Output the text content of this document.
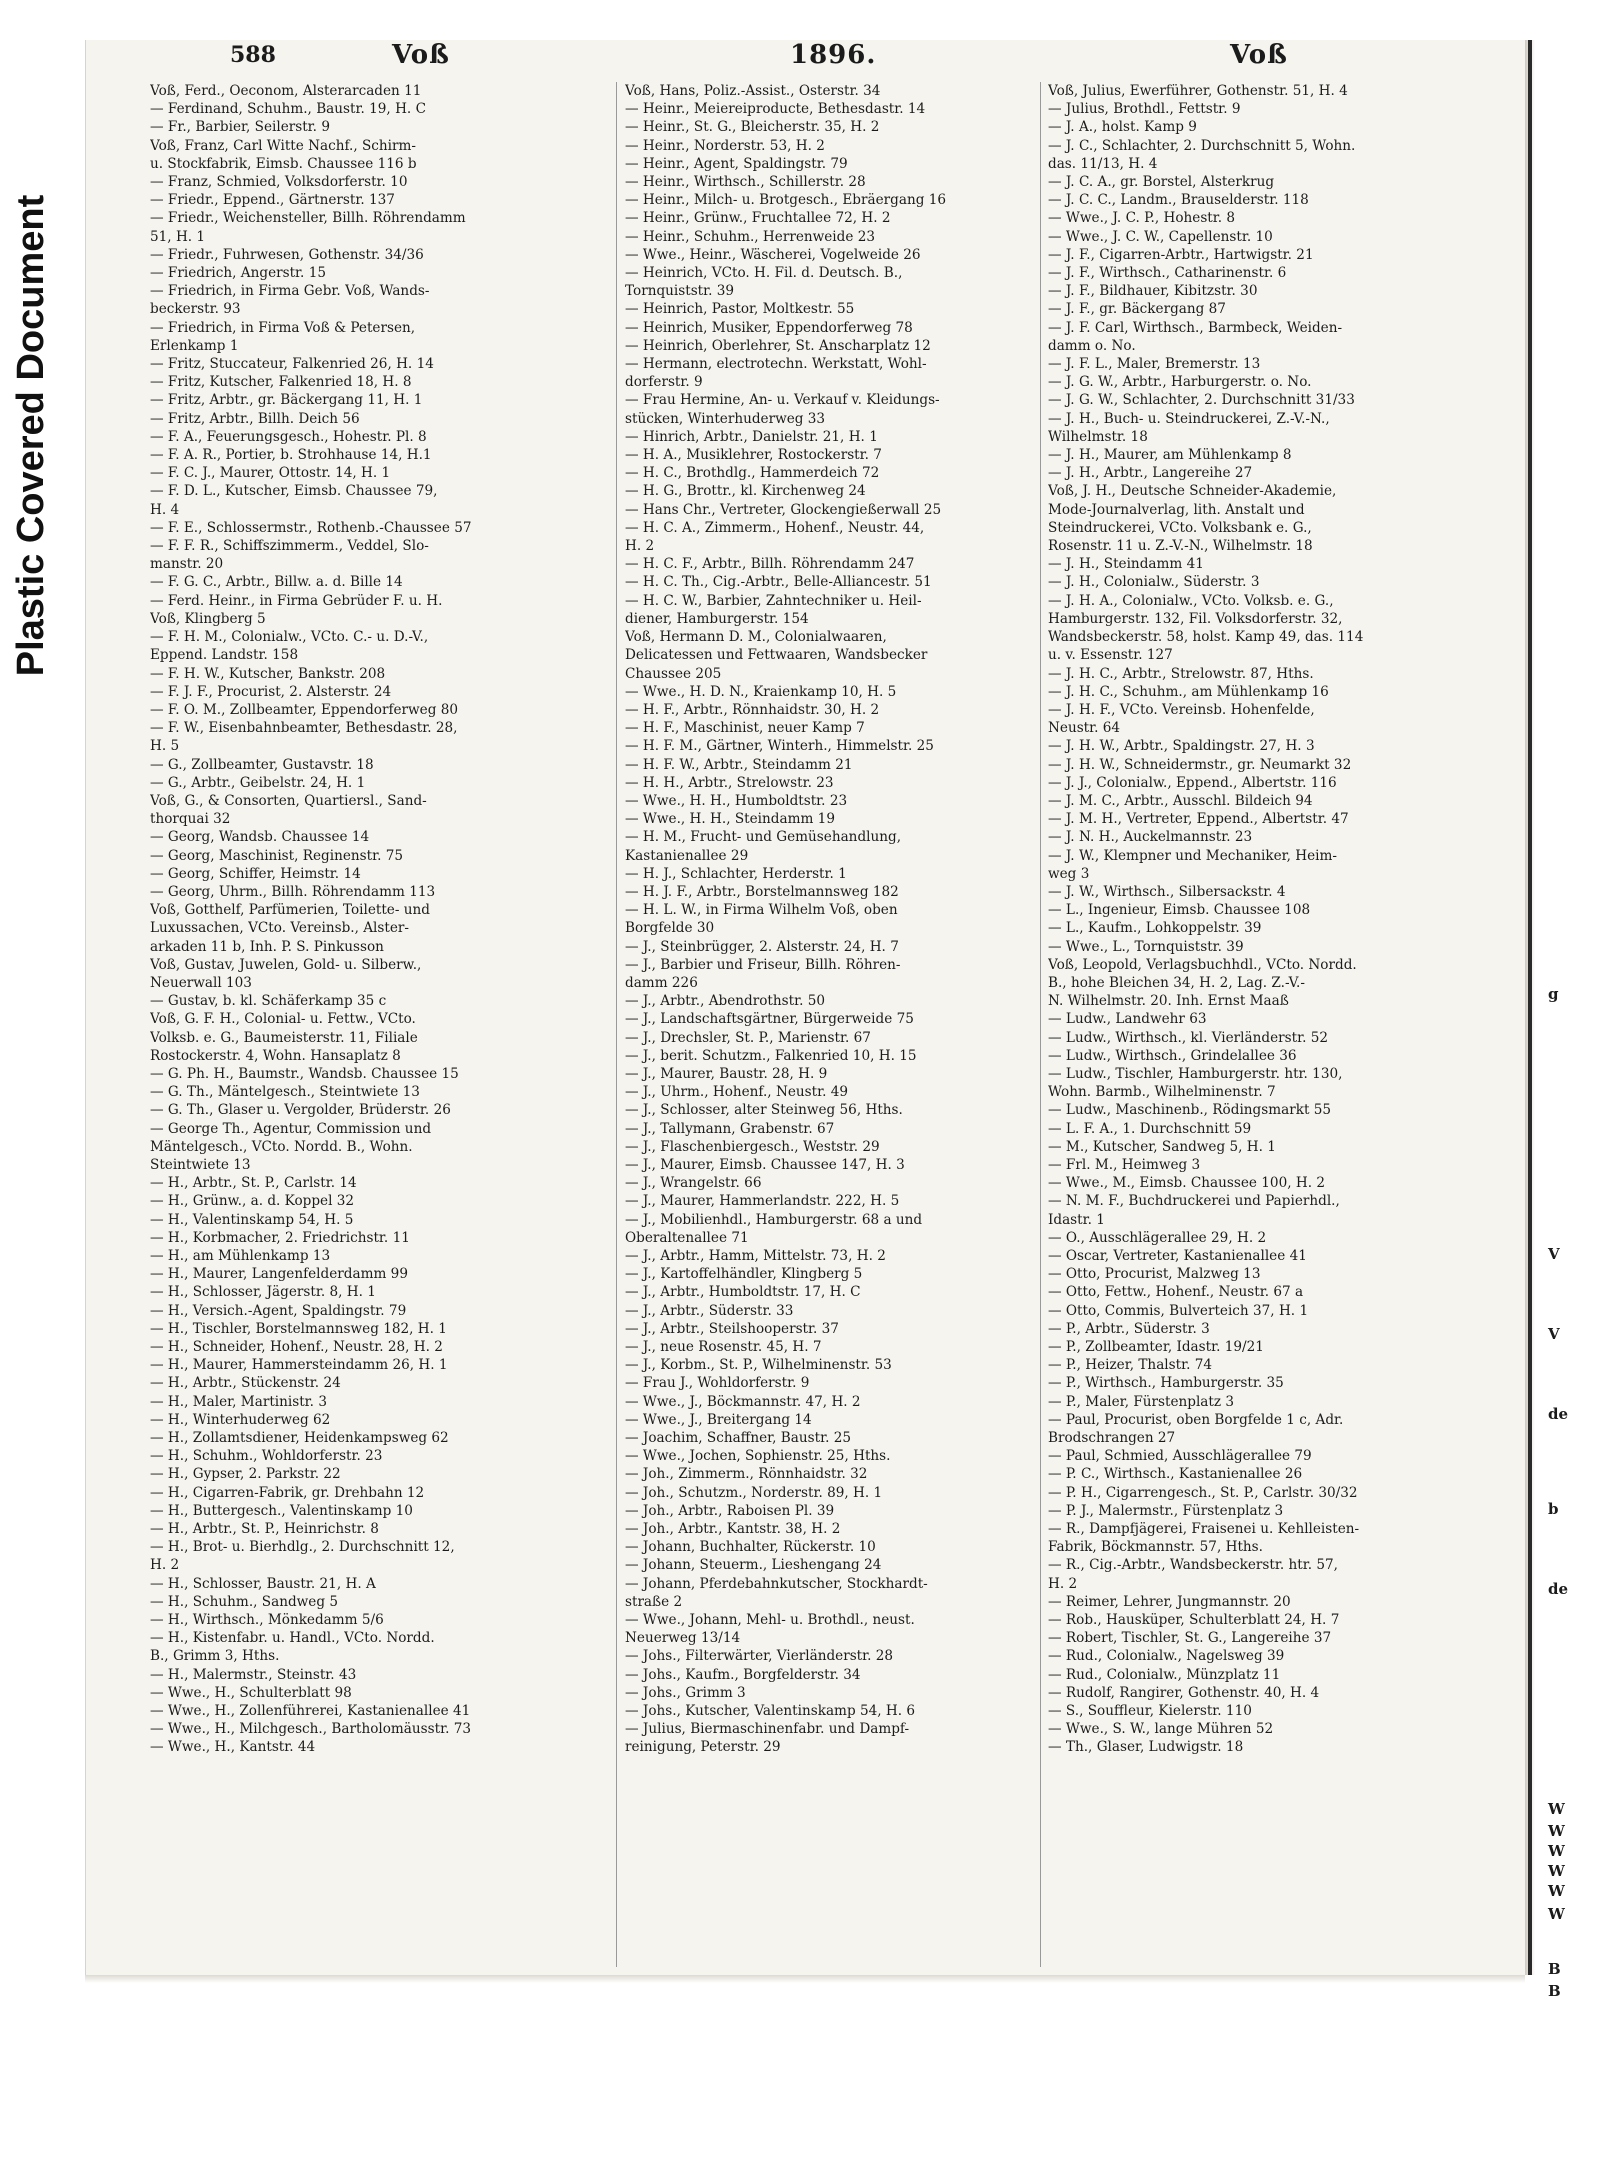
Plastic Covered Document
588	Voß	1896.	Voß

Voß, Ferd., Oeconom, Alsterarcaden 11

— Ferdinand, Schuhm., Baustr. 19, H. C

— Fr., Barbier, Seilerstr. 9

Voß, Franz, Carl Witte Nachf., Schirm-

u. Stockfabrik, Eimsb. Chaussee 116 b

— Franz, Schmied, Volksdorferstr. 10

— Friedr., Eppend., Gärtnerstr. 137

— Friedr., Weichensteller, Billh. Röhrendamm

51, H. 1

— Friedr., Fuhrwesen, Gothenstr. 34/36

— Friedrich, Angerstr. 15

— Friedrich, in Firma Gebr. Voß, Wands-

beckerstr. 93

— Friedrich, in Firma Voß & Petersen,

Erlenkamp 1

— Fritz, Stuccateur, Falkenried 26, H. 14

— Fritz, Kutscher, Falkenried 18, H. 8

— Fritz, Arbtr., gr. Bäckergang 11, H. 1

— Fritz, Arbtr., Billh. Deich 56

— F. A., Feuerungsgesch., Hohestr. Pl. 8

— F. A. R., Portier, b. Strohhause 14, H.1

— F. C. J., Maurer, Ottostr. 14, H. 1

— F. D. L., Kutscher, Eimsb. Chaussee 79,

H. 4

— F. E., Schlossermstr., Rothenb.-Chaussee 57

— F. F. R., Schiffszimmerm., Veddel, Slo-

manstr. 20

— F. G. C., Arbtr., Billw. a. d. Bille 14

— Ferd. Heinr., in Firma Gebrüder F. u. H.

Voß, Klingberg 5

— F. H. M., Colonialw., VCto. C.- u. D.-V.,

Eppend. Landstr. 158

— F. H. W., Kutscher, Bankstr. 208

— F. J. F., Procurist, 2. Alsterstr. 24

— F. O. M., Zollbeamter, Eppendorferweg 80

— F. W., Eisenbahnbeamter, Bethesdastr. 28,

H. 5

— G., Zollbeamter, Gustavstr. 18

— G., Arbtr., Geibelstr. 24, H. 1

Voß, G., & Consorten, Quartiersl., Sand-

thorquai 32

— Georg, Wandsb. Chaussee 14

— Georg, Maschinist, Reginenstr. 75

— Georg, Schiffer, Heimstr. 14

— Georg, Uhrm., Billh. Röhrendamm 113

Voß, Gotthelf, Parfümerien, Toilette- und

Luxussachen, VCto. Vereinsb., Alster-

arkaden 11 b, Inh. P. S. Pinkusson

Voß, Gustav, Juwelen, Gold- u. Silberw.,

Neuerwall 103

— Gustav, b. kl. Schäferkamp 35 c

Voß, G. F. H., Colonial- u. Fettw., VCto.

Volksb. e. G., Baumeisterstr. 11, Filiale

Rostockerstr. 4, Wohn. Hansaplatz 8

— G. Ph. H., Baumstr., Wandsb. Chaussee 15

— G. Th., Mäntelgesch., Steintwiete 13

— G. Th., Glaser u. Vergolder, Brüderstr. 26

— George Th., Agentur, Commission und

Mäntelgesch., VCto. Nordd. B., Wohn.

Steintwiete 13

— H., Arbtr., St. P., Carlstr. 14

— H., Grünw., a. d. Koppel 32

— H., Valentinskamp 54, H. 5

— H., Korbmacher, 2. Friedrichstr. 11

— H., am Mühlenkamp 13

— H., Maurer, Langenfelderdamm 99

— H., Schlosser, Jägerstr. 8, H. 1

— H., Versich.-Agent, Spaldingstr. 79

— H., Tischler, Borstelmannsweg 182, H. 1

— H., Schneider, Hohenf., Neustr. 28, H. 2

— H., Maurer, Hammersteindamm 26, H. 1

— H., Arbtr., Stückenstr. 24

— H., Maler, Martinistr. 3

— H., Winterhuderweg 62

— H., Zollamtsdiener, Heidenkampsweg 62

— H., Schuhm., Wohldorferstr. 23

— H., Gypser, 2. Parkstr. 22

— H., Cigarren-Fabrik, gr. Drehbahn 12

— H., Buttergesch., Valentinskamp 10

— H., Arbtr., St. P., Heinrichstr. 8

— H., Brot- u. Bierhdlg., 2. Durchschnitt 12,

H. 2

— H., Schlosser, Baustr. 21, H. A

— H., Schuhm., Sandweg 5

— H., Wirthsch., Mönkedamm 5/6

— H., Kistenfabr. u. Handl., VCto. Nordd.

B., Grimm 3, Hths.

— H., Malermstr., Steinstr. 43

— Wwe., H., Schulterblatt 98

— Wwe., H., Zollenführerei, Kastanienallee 41

— Wwe., H., Milchgesch., Bartholomäusstr. 73

— Wwe., H., Kantstr. 44

Voß, Hans, Poliz.-Assist., Osterstr. 34

— Heinr., Meiereiproducte, Bethesdastr. 14

— Heinr., St. G., Bleicherstr. 35, H. 2

— Heinr., Norderstr. 53, H. 2

— Heinr., Agent, Spaldingstr. 79

— Heinr., Wirthsch., Schillerstr. 28

— Heinr., Milch- u. Brotgesch., Ebräergang 16

— Heinr., Grünw., Fruchtallee 72, H. 2

— Heinr., Schuhm., Herrenweide 23

— Wwe., Heinr., Wäscherei, Vogelweide 26

— Heinrich, VCto. H. Fil. d. Deutsch. B.,

Tornquiststr. 39

— Heinrich, Pastor, Moltkestr. 55

— Heinrich, Musiker, Eppendorferweg 78

— Heinrich, Oberlehrer, St. Anscharplatz 12

— Hermann, electrotechn. Werkstatt, Wohl-

dorferstr. 9

— Frau Hermine, An- u. Verkauf v. Kleidungs-

stücken, Winterhuderweg 33

— Hinrich, Arbtr., Danielstr. 21, H. 1

— H. A., Musiklehrer, Rostockerstr. 7

— H. C., Brothdlg., Hammerdeich 72

— H. G., Brottr., kl. Kirchenweg 24

— Hans Chr., Vertreter, Glockengießerwall 25

— H. C. A., Zimmerm., Hohenf., Neustr. 44,

H. 2

— H. C. F., Arbtr., Billh. Röhrendamm 247

— H. C. Th., Cig.-Arbtr., Belle-Alliancestr. 51

— H. C. W., Barbier, Zahntechniker u. Heil-

diener, Hamburgerstr. 154

Voß, Hermann D. M., Colonialwaaren,

Delicatessen und Fettwaaren, Wandsbecker

Chaussee 205

— Wwe., H. D. N., Kraienkamp 10, H. 5

— H. F., Arbtr., Rönnhaidstr. 30, H. 2

— H. F., Maschinist, neuer Kamp 7

— H. F. M., Gärtner, Winterh., Himmelstr. 25

— H. F. W., Arbtr., Steindamm 21

— H. H., Arbtr., Strelowstr. 23

— Wwe., H. H., Humboldtstr. 23

— Wwe., H. H., Steindamm 19

— H. M., Frucht- und Gemüsehandlung,

Kastanienallee 29

— H. J., Schlachter, Herderstr. 1

— H. J. F., Arbtr., Borstelmannsweg 182

— H. L. W., in Firma Wilhelm Voß, oben

Borgfelde 30

— J., Steinbrügger, 2. Alsterstr. 24, H. 7

— J., Barbier und Friseur, Billh. Röhren-

damm 226

— J., Arbtr., Abendrothstr. 50

— J., Landschaftsgärtner, Bürgerweide 75

— J., Drechsler, St. P., Marienstr. 67

— J., berit. Schutzm., Falkenried 10, H. 15

— J., Maurer, Baustr. 28, H. 9

— J., Uhrm., Hohenf., Neustr. 49

— J., Schlosser, alter Steinweg 56, Hths.

— J., Tallymann, Grabenstr. 67

— J., Flaschenbiergesch., Weststr. 29

— J., Maurer, Eimsb. Chaussee 147, H. 3

— J., Wrangelstr. 66

— J., Maurer, Hammerlandstr. 222, H. 5

— J., Mobilienhdl., Hamburgerstr. 68 a und

Oberaltenallee 71

— J., Arbtr., Hamm, Mittelstr. 73, H. 2

— J., Kartoffelhändler, Klingberg 5

— J., Arbtr., Humboldtstr. 17, H. C

— J., Arbtr., Süderstr. 33

— J., Arbtr., Steilshooperstr. 37

— J., neue Rosenstr. 45, H. 7

— J., Korbm., St. P., Wilhelminenstr. 53

— Frau J., Wohldorferstr. 9

— Wwe., J., Böckmannstr. 47, H. 2

— Wwe., J., Breitergang 14

— Joachim, Schaffner, Baustr. 25

— Wwe., Jochen, Sophienstr. 25, Hths.

— Joh., Zimmerm., Rönnhaidstr. 32

— Joh., Schutzm., Norderstr. 89, H. 1

— Joh., Arbtr., Raboisen Pl. 39

— Joh., Arbtr., Kantstr. 38, H. 2

— Johann, Buchhalter, Rückerstr. 10

— Johann, Steuerm., Lieshengang 24

— Johann, Pferdebahnkutscher, Stockhardt-

straße 2

— Wwe., Johann, Mehl- u. Brothdl., neust.

Neuerweg 13/14

— Johs., Filterwärter, Vierländerstr. 28

— Johs., Kaufm., Borgfelderstr. 34

— Johs., Grimm 3

— Johs., Kutscher, Valentinskamp 54, H. 6

— Julius, Biermaschinenfabr. und Dampf-

reinigung, Peterstr. 29

Voß, Julius, Ewerführer, Gothenstr. 51, H. 4

— Julius, Brothdl., Fettstr. 9

— J. A., holst. Kamp 9

— J. C., Schlachter, 2. Durchschnitt 5, Wohn.

das. 11/13, H. 4

— J. C. A., gr. Borstel, Alsterkrug

— J. C. C., Landm., Brauselderstr. 118

— Wwe., J. C. P., Hohestr. 8

— Wwe., J. C. W., Capellenstr. 10

— J. F., Cigarren-Arbtr., Hartwigstr. 21

— J. F., Wirthsch., Catharinenstr. 6

— J. F., Bildhauer, Kibitzstr. 30

— J. F., gr. Bäckergang 87

— J. F. Carl, Wirthsch., Barmbeck, Weiden-

damm o. No.

— J. F. L., Maler, Bremerstr. 13

— J. G. W., Arbtr., Harburgerstr. o. No.

— J. G. W., Schlachter, 2. Durchschnitt 31/33

— J. H., Buch- u. Steindruckerei, Z.-V.-N.,

Wilhelmstr. 18

— J. H., Maurer, am Mühlenkamp 8

— J. H., Arbtr., Langereihe 27

Voß, J. H., Deutsche Schneider-Akademie,

Mode-Journalverlag, lith. Anstalt und

Steindruckerei, VCto. Volksbank e. G.,

Rosenstr. 11 u. Z.-V.-N., Wilhelmstr. 18

— J. H., Steindamm 41

— J. H., Colonialw., Süderstr. 3

— J. H. A., Colonialw., VCto. Volksb. e. G.,

Hamburgerstr. 132, Fil. Volksdorferstr. 32,

Wandsbeckerstr. 58, holst. Kamp 49, das. 114

u. v. Essenstr. 127

— J. H. C., Arbtr., Strelowstr. 87, Hths.

— J. H. C., Schuhm., am Mühlenkamp 16

— J. H. F., VCto. Vereinsb. Hohenfelde,

Neustr. 64

— J. H. W., Arbtr., Spaldingstr. 27, H. 3

— J. H. W., Schneidermstr., gr. Neumarkt 32

— J. J., Colonialw., Eppend., Albertstr. 116

— J. M. C., Arbtr., Ausschl. Bildeich 94

— J. M. H., Vertreter, Eppend., Albertstr. 47

— J. N. H., Auckelmannstr. 23

— J. W., Klempner und Mechaniker, Heim-

weg 3

— J. W., Wirthsch., Silbersackstr. 4

— L., Ingenieur, Eimsb. Chaussee 108

— L., Kaufm., Lohkoppelstr. 39

— Wwe., L., Tornquiststr. 39

Voß, Leopold, Verlagsbuchhdl., VCto. Nordd.

B., hohe Bleichen 34, H. 2, Lag. Z.-V.-

N. Wilhelmstr. 20. Inh. Ernst Maaß

— Ludw., Landwehr 63

— Ludw., Wirthsch., kl. Vierländerstr. 52

— Ludw., Wirthsch., Grindelallee 36

— Ludw., Tischler, Hamburgerstr. htr. 130,

Wohn. Barmb., Wilhelminenstr. 7

— Ludw., Maschinenb., Rödingsmarkt 55

— L. F. A., 1. Durchschnitt 59

— M., Kutscher, Sandweg 5, H. 1

— Frl. M., Heimweg 3

— Wwe., M., Eimsb. Chaussee 100, H. 2

— N. M. F., Buchdruckerei und Papierhdl.,

Idastr. 1

— O., Ausschlägerallee 29, H. 2

— Oscar, Vertreter, Kastanienallee 41

— Otto, Procurist, Malzweg 13

— Otto, Fettw., Hohenf., Neustr. 67 a

— Otto, Commis, Bulverteich 37, H. 1

— P., Arbtr., Süderstr. 3

— P., Zollbeamter, Idastr. 19/21

— P., Heizer, Thalstr. 74

— P., Wirthsch., Hamburgerstr. 35

— P., Maler, Fürstenplatz 3

— Paul, Procurist, oben Borgfelde 1 c, Adr.

Brodschrangen 27

— Paul, Schmied, Ausschlägerallee 79

— P. C., Wirthsch., Kastanienallee 26

— P. H., Cigarrengesch., St. P., Carlstr. 30/32

— P. J., Malermstr., Fürstenplatz 3

— R., Dampfjägerei, Fraisenei u. Kehlleisten-

Fabrik, Böckmannstr. 57, Hths.

— R., Cig.-Arbtr., Wandsbeckerstr. htr. 57,

H. 2

— Reimer, Lehrer, Jungmannstr. 20

— Rob., Hausküper, Schulterblatt 24, H. 7

— Robert, Tischler, St. G., Langereihe 37

— Rud., Colonialw., Nagelsweg 39

— Rud., Colonialw., Münzplatz 11

— Rudolf, Rangirer, Gothenstr. 40, H. 4

— S., Souffleur, Kielerstr. 110

— Wwe., S. W., lange Mühren 52

— Th., Glaser, Ludwigstr. 18

g
V
V
de
b
de
W
W
W
W
W
W
B
B
